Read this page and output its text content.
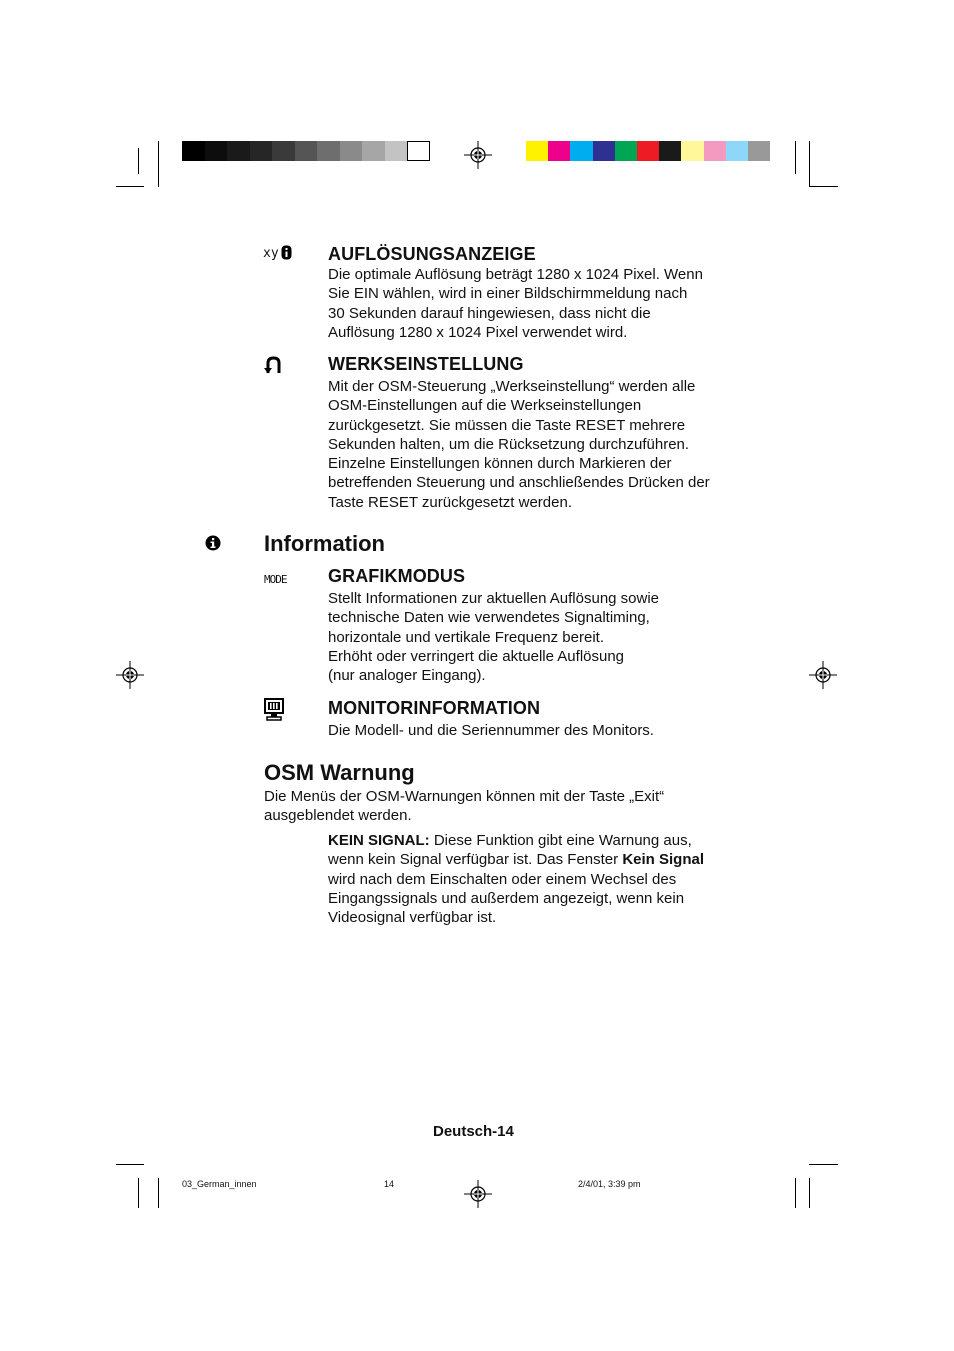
xy	AUFLÖSUNGSANZEIGE
Die optimale Auflösung beträgt 1280 x 1024 Pixel. Wenn
Sie EIN wählen, wird in einer Bildschirmmeldung nach
30 Sekunden darauf hingewiesen, dass nicht die
Auflösung 1280 x 1024 Pixel verwendet wird.
WERKSEINSTELLUNG
Mit der OSM-Steuerung „Werkseinstellung“ werden alle
OSM-Einstellungen auf die Werkseinstellungen
zurückgesetzt. Sie müssen die Taste RESET mehrere
Sekunden halten, um die Rücksetzung durchzuführen.
Einzelne Einstellungen können durch Markieren der
betreffenden Steuerung und anschließendes Drücken der
Taste RESET zurückgesetzt werden.
Information
MODE GRAFIKMODUS
Stellt Informationen zur aktuellen Auflösung sowie
technische Daten wie verwendetes Signaltiming,
horizontale und vertikale Frequenz bereit.
Erhöht oder verringert die aktuelle Auflösung
(nur analoger Eingang).
MONITORINFORMATION
Die Modell- und die Seriennummer des Monitors.
OSM Warnung
Die Menüs der OSM-Warnungen können mit der Taste „Exit“
ausgeblendet werden.
KEIN SIGNAL: Diese Funktion gibt eine Warnung aus,
wenn kein Signal verfügbar ist. Das Fenster Kein Signal
wird nach dem Einschalten oder einem Wechsel des
Eingangssignals und außerdem angezeigt, wenn kein
Videosignal verfügbar ist.
Deutsch-14
03_German_innen	14	2/4/01, 3:39 pm
